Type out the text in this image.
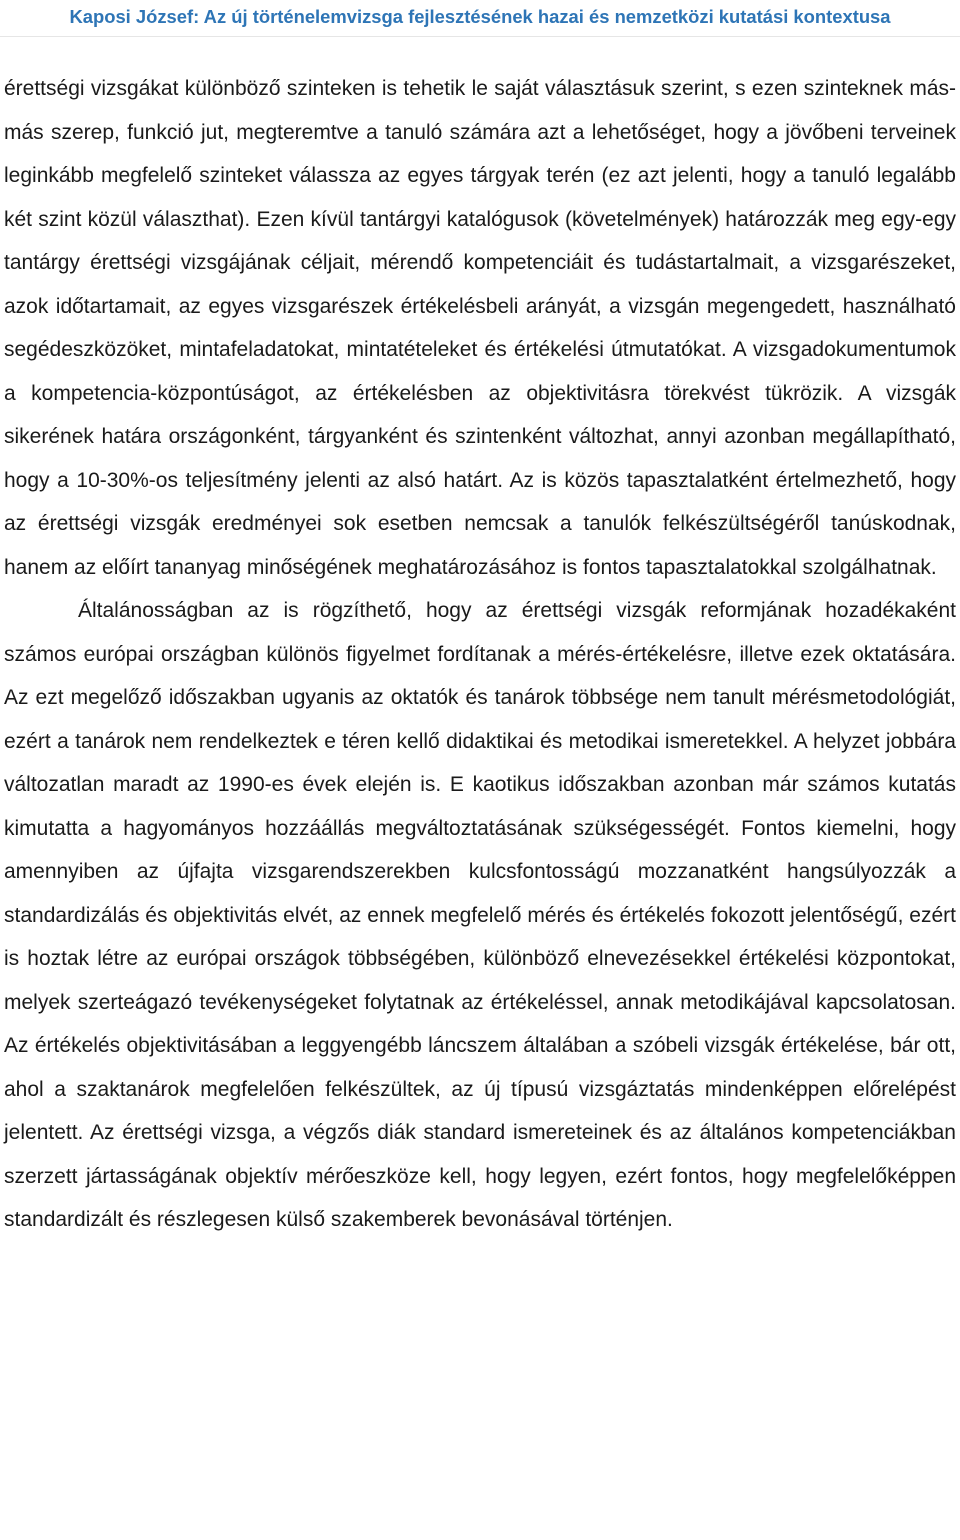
Kaposi József: Az új történelemvizsga fejlesztésének hazai és nemzetközi kutatási kontextusa

érettségi vizsgákat különböző szinteken is tehetik le saját választásuk szerint, s ezen szinteknek más-más szerep, funkció jut, megteremtve a tanuló számára azt a lehetőséget, hogy a jövőbeni terveinek leginkább megfelelő szinteket válassza az egyes tárgyak terén (ez azt jelenti, hogy a tanuló legalább két szint közül választhat). Ezen kívül tantárgyi katalógusok (követelmények) határozzák meg egy-egy tantárgy érettségi vizsgájának céljait, mérendő kompetenciáit és tudástartalmait, a vizsgarészeket, azok időtartamait, az egyes vizsgarészek értékelésbeli arányát, a vizsgán megengedett, használható segédeszközöket, mintafeladatokat, mintatételeket és értékelési útmutatókat. A vizsgadokumentumok a kompetencia-központúságot, az értékelésben az objektivitásra törekvést tükrözik. A vizsgák sikerének határa országonként, tárgyanként és szintenként változhat, annyi azonban megállapítható, hogy a 10-30%-os teljesítmény jelenti az alsó határt. Az is közös tapasztalatként értelmezhető, hogy az érettségi vizsgák eredményei sok esetben nemcsak a tanulók felkészültségéről tanúskodnak, hanem az előírt tananyag minőségének meghatározásához is fontos tapasztalatokkal szolgálhatnak.

Általánosságban az is rögzíthető, hogy az érettségi vizsgák reformjának hozadékaként számos európai országban különös figyelmet fordítanak a mérés-értékelésre, illetve ezek oktatására. Az ezt megelőző időszakban ugyanis az oktatók és tanárok többsége nem tanult mérésmetodológiát, ezért a tanárok nem rendelkeztek e téren kellő didaktikai és metodikai ismeretekkel. A helyzet jobbára változatlan maradt az 1990-es évek elején is. E kaotikus időszakban azonban már számos kutatás kimutatta a hagyományos hozzáállás megváltoztatásának szükségességét. Fontos kiemelni, hogy amennyiben az újfajta vizsgarendszerekben kulcsfontosságú mozzanatként hangsúlyozzák a standardizálás és objektivitás elvét, az ennek megfelelő mérés és értékelés fokozott jelentőségű, ezért is hoztak létre az európai országok többségében, különböző elnevezésekkel értékelési központokat, melyek szerteágazó tevékenységeket folytatnak az értékeléssel, annak metodikájával kapcsolatosan. Az értékelés objektivitásában a leggyengébb láncszem általában a szóbeli vizsgák értékelése, bár ott, ahol a szaktanárok megfelelően felkészültek, az új típusú vizsgáztatás mindenképpen előrelépést jelentett. Az érettségi vizsga, a végzős diák standard ismereteinek és az általános kompetenciákban szerzett jártasságának objektív mérőeszköze kell, hogy legyen, ezért fontos, hogy megfelelőképpen standardizált és részlegesen külső szakemberek bevonásával történjen.
